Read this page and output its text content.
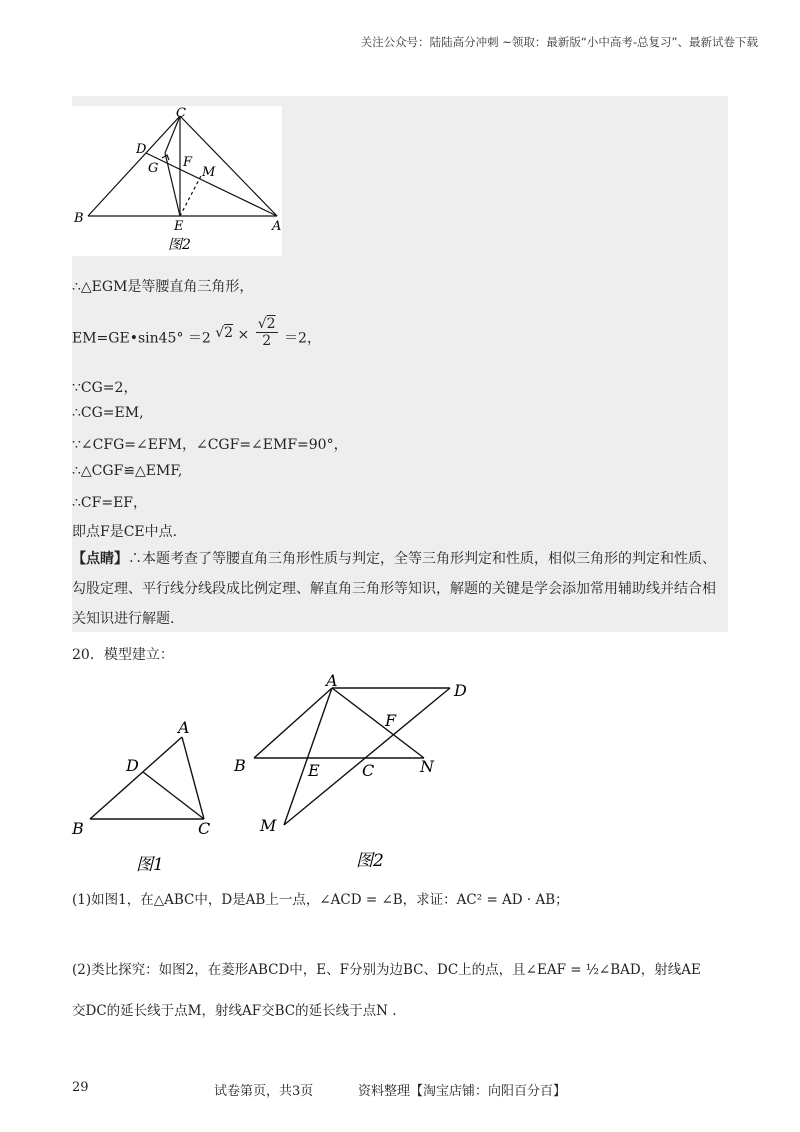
关注公众号：陆陆高分冲刺 ~领取：最新版“小中高考-总复习”、最新试卷下载
C
D
G F
M
B
E	A
图2
∴△EGM是等腰直角三角形，
EM=GE•sin45° ＝2 $√2 \times \frac{√2}{2} =2$，
∵CG=2，
∴CG=EM,
∵∠CFG=∠EFM，∠CGF=∠EMF=90°，
∴△CGF≌△EMF,
∴CF=EF，
即点F是CE中点.
【点睛】∴本题考查了等腰直角三角形性质与判定，全等三角形判定和性质，相似三角形的判定和性质、勾股定理、平行线分线段成比例定理、解直角三角形等知识，解题的关键是学会添加常用辅助线并结合相关知识进行解题.
20．模型建立：
A
D
B	C
图1
A
D
F
B	E	C	N
M
图2
(1)如图1，在△ABC中，D是AB上一点，∠ACD = ∠B，求证：AC² = AD · AB；
(2)类比探究：如图2，在菱形ABCD中，E、F分别为边BC、DC上的点，且∠EAF = ½∠BAD，射线AE
交DC的延长线于点M，射线AF交BC的延长线于点N .
29	试卷第页，共3页	资料整理【淘宝店铺：向阳百分百】
